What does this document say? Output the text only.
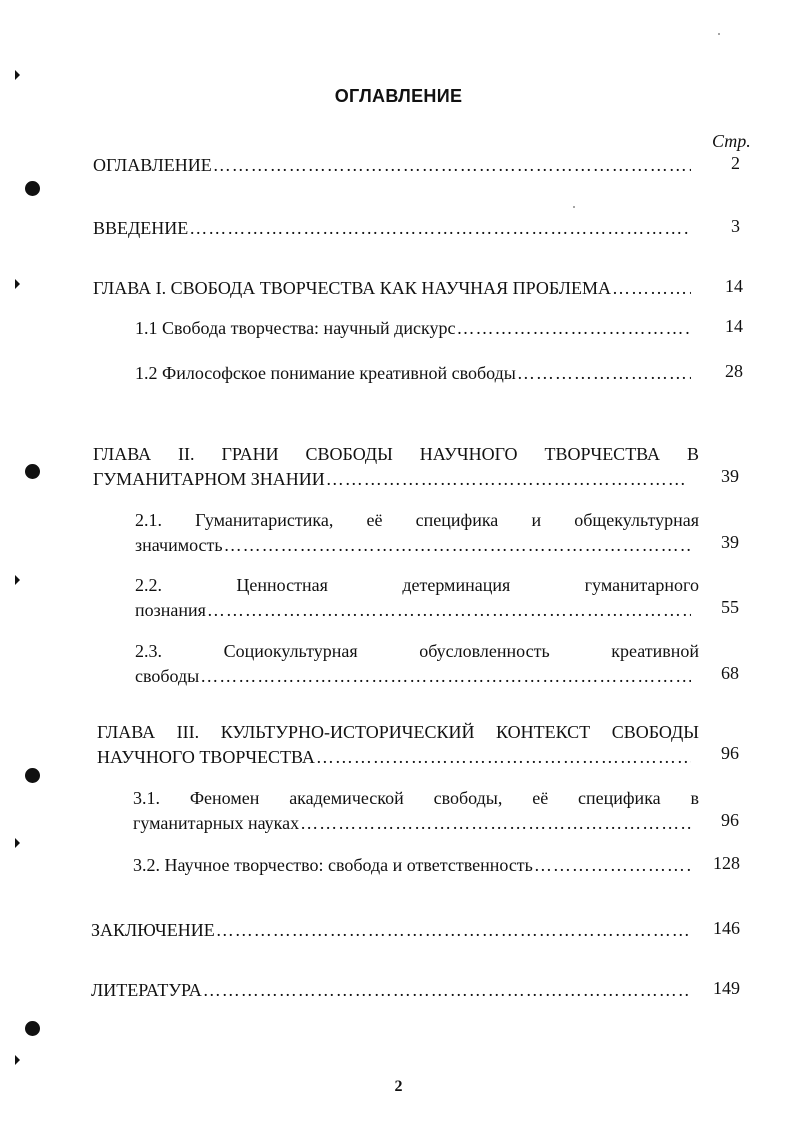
ОГЛАВЛЕНИЕ
Стр.
ОГЛАВЛЕНИЕ …………………………………………………………………………………………………………………………………………………	2
ВВЕДЕНИЕ …………………………………………………………………………………………………………………………………………………	3
ГЛАВА I. СВОБОДА ТВОРЧЕСТВА КАК НАУЧНАЯ ПРОБЛЕМА …………………………………………………………………………………………………………………………………………………	14
1.1 Свобода творчества: научный дискурс …………………………………………………………………………………………………………………………………………………	14
1.2 Философское понимание креативной свободы …………………………………………………………………………………………………………………………………………………	28
ГЛАВА II. ГРАНИ СВОБОДЫ НАУЧНОГО ТВОРЧЕСТВА В
ГУМАНИТАРНОМ ЗНАНИИ …………………………………………………………………………………………………………………………………………………	39
2.1. Гуманитаристика, её специфика и общекультурная
значимость …………………………………………………………………………………………………………………………………………………	39
2.2. Ценностная детерминация гуманитарного
познания …………………………………………………………………………………………………………………………………………………	55
2.3. Социокультурная обусловленность креативной
свободы …………………………………………………………………………………………………………………………………………………	68
ГЛАВА III. КУЛЬТУРНО-ИСТОРИЧЕСКИЙ КОНТЕКСТ СВОБОДЫ
НАУЧНОГО ТВОРЧЕСТВА …………………………………………………………………………………………………………………………………………………	96
3.1. Феномен академической свободы, её специфика в
гуманитарных науках …………………………………………………………………………………………………………………………………………………	96
3.2. Научное творчество: свобода и ответственность …………………………………………………………………………………………………………………………………………………	128
ЗАКЛЮЧЕНИЕ …………………………………………………………………………………………………………………………………………………	146
ЛИТЕРАТУРА …………………………………………………………………………………………………………………………………………………	149
2
